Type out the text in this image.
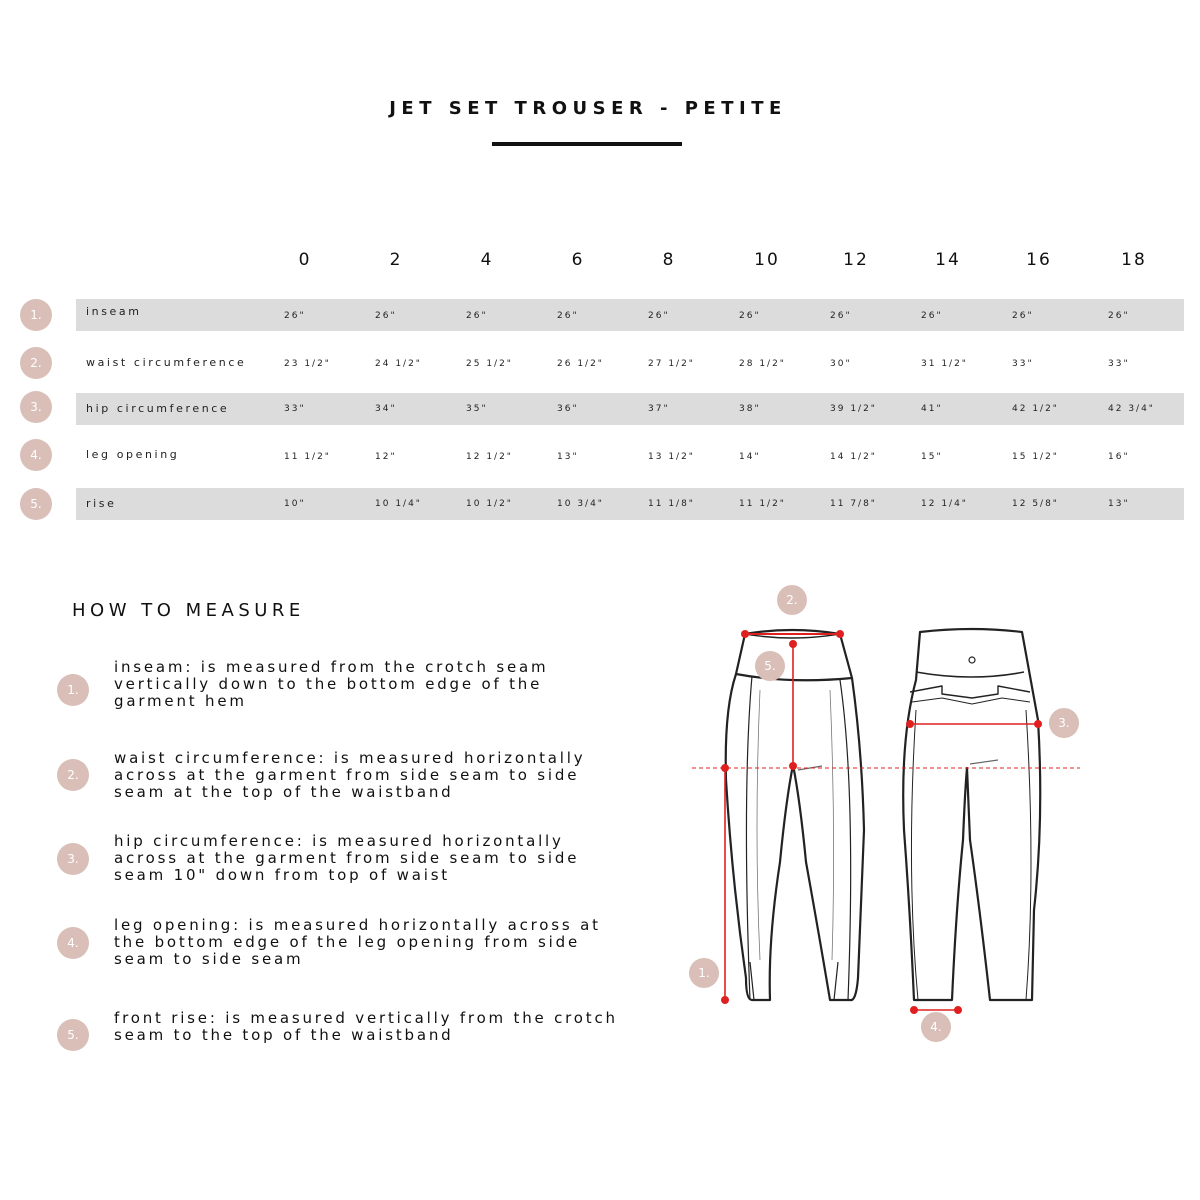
JET SET TROUSER - PETITE
0	2	4	6	8	10	12	14	16	18
1.	inseam	26"	26"	26"	26"	26"	26"	26"	26"	26"	26"
2.	waist circumference	23 1/2"	24 1/2"	25 1/2"	26 1/2"	27 1/2"	28 1/2"	30"	31 1/2"	33"	33"
3.	hip circumference	33"	34"	35"	36"	37"	38"	39 1/2"	41"	42 1/2"	42 3/4"
4.	leg opening	11 1/2"	12"	12 1/2"	13"	13 1/2"	14"	14 1/2"	15"	15 1/2"	16"
5.	rise	10"	10 1/4"	10 1/2"	10 3/4"	11 1/8"	11 1/2"	11 7/8"	12 1/4"	12 5/8"	13"
HOW TO MEASURE
1.
inseam: is measured from the crotch seam vertically down to the bottom edge of the garment hem
2.
waist circumference: is measured horizontally across at the garment from side seam to side seam at the top of the waistband
3.
hip circumference: is measured horizontally across at the garment from side seam to side seam 10" down from top of waist
4.
leg opening: is measured horizontally across at the bottom edge of the leg opening from side seam to side seam
5.
front rise: is measured vertically from the crotch seam to the top of the waistband
2.
5.
3.
1.
4.
